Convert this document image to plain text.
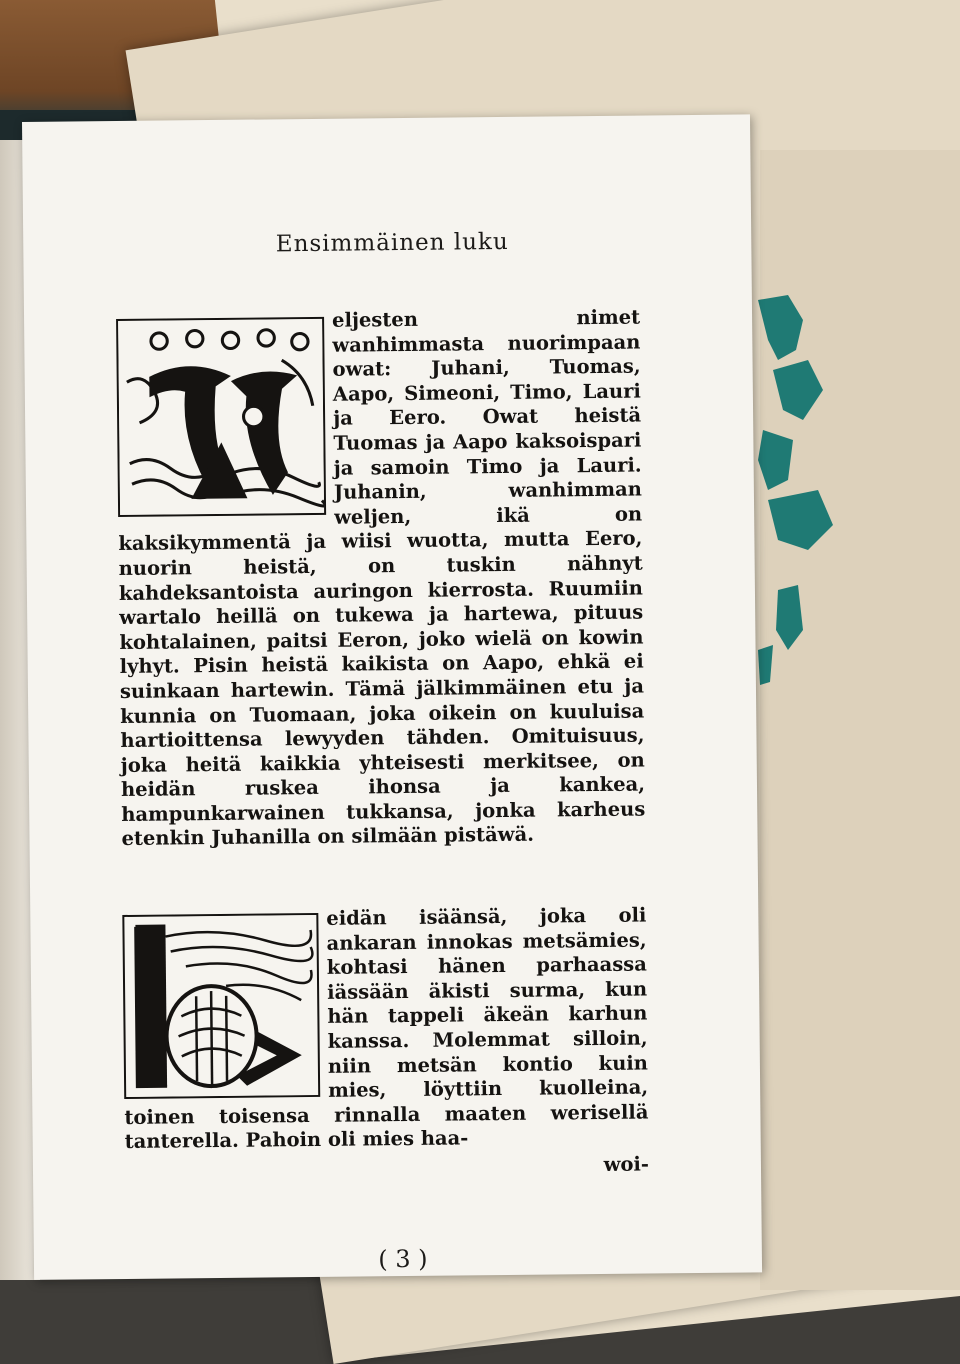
Ensimmäinen luku

eljesten nimet wanhimmasta nuorimpaan owat: Juhani, Tuomas, Aapo, Simeoni, Timo, Lauri ja Eero. Owat heistä Tuomas ja Aapo kaksoispari ja samoin Timo ja Lauri. Juhanin, wanhimman weljen, ikä on kaksikymmentä ja wiisi wuotta, mutta Eero, nuorin heistä, on tuskin nähnyt kahdeksantoista auringon kierrosta. Ruumiin wartalo heillä on tukewa ja hartewa, pituus kohtalainen, paitsi Eeron, joko wielä on kowin lyhyt. Pisin heistä kaikista on Aapo, ehkä ei suinkaan hartewin. Tämä jälkimmäinen etu ja kunnia on Tuomaan, joka oikein on kuuluisa hartioittensa lewyyden tähden. Omituisuus, joka heitä kaikkia yhteisesti merkitsee, on heidän ruskea ihonsa ja kankea, hampunkarwainen tukkansa, jonka karheus etenkin Juhanilla on silmään pistäwä.

eidän isäänsä, joka oli ankaran innokas metsämies, kohtasi hänen parhaassa iässään äkisti surma, kun hän tappeli äkeän karhun kanssa. Molemmat silloin, niin metsän kontio kuin mies, löyttiin kuolleina, toinen toisensa rinnalla maaten werisellä tanterella. Pahoin oli mies haa-

woi-
( 3 )
